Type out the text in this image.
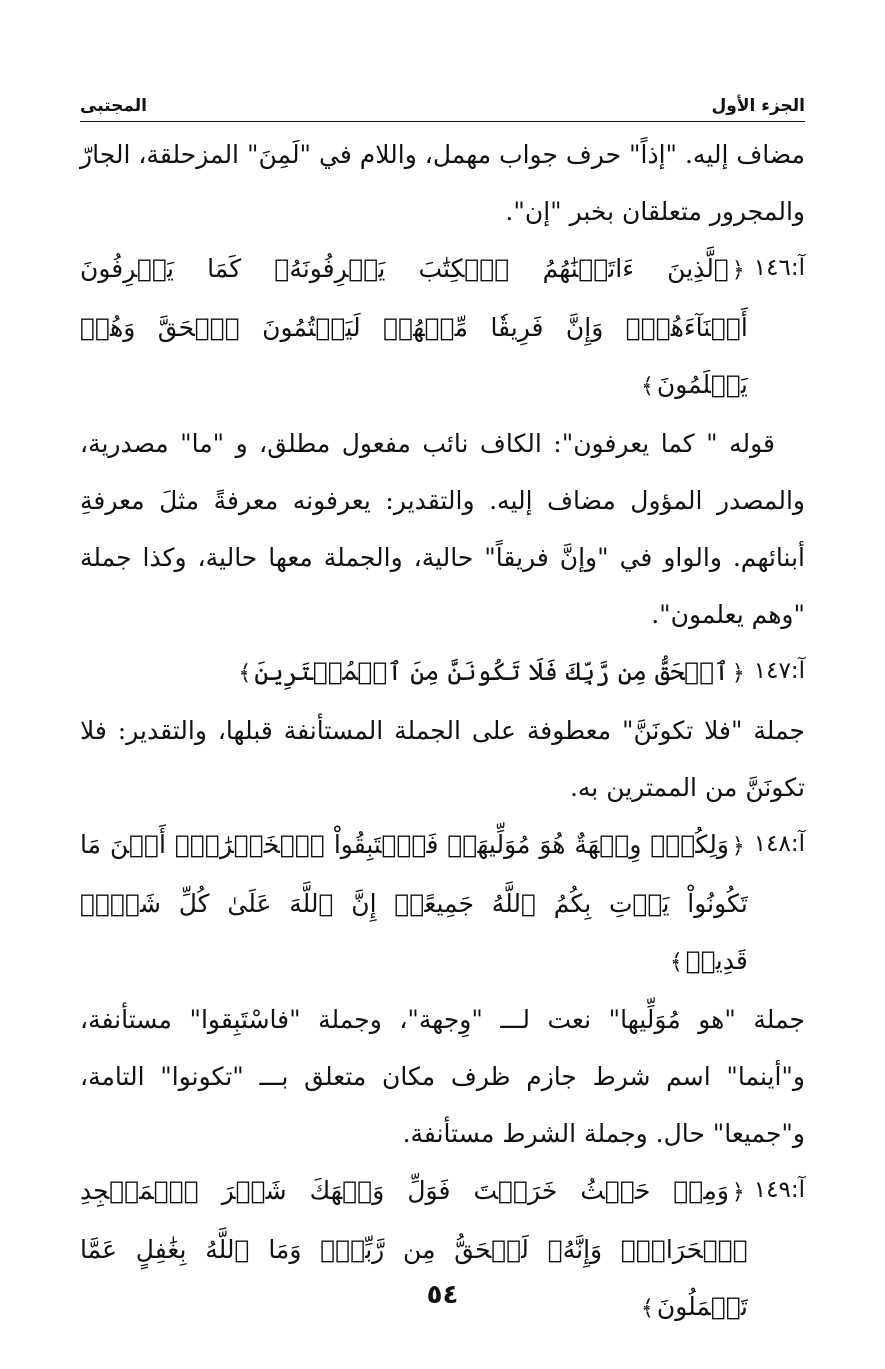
الجزء الأول
المجتبى

مضاف إليه. "إذاً" حرف جواب مهمل، واللام في "لَمِنَ" المزحلقة، الجارّ والمجرور متعلقان بخبر "إن".

آ:١٤٦
﴿ٱلَّذِينَ ءَاتَيۡنَٰهُمُ ٱلۡكِتَٰبَ يَعۡرِفُونَهُۥ كَمَا يَعۡرِفُونَ أَبۡنَآءَهُمۡۖ وَإِنَّ فَرِيقٗا مِّنۡهُمۡ لَيَكۡتُمُونَ ٱلۡحَقَّ وَهُمۡ يَعۡلَمُونَ﴾

قوله " كما يعرفون": الكاف نائب مفعول مطلق، و "ما" مصدرية، والمصدر المؤول مضاف إليه. والتقدير: يعرفونه معرفةً مثلَ معرفةِ أبنائهم. والواو في "وإنَّ فريقاً" حالية، والجملة معها حالية، وكذا جملة "وهم يعلمون".

آ:١٤٧
﴿ٱلۡحَقُّ مِن رَّبِّكَ فَلَا تَكُونَنَّ مِنَ ٱلۡمُمۡتَرِينَ﴾

جملة "فلا تكونَنَّ" معطوفة على الجملة المستأنفة قبلها، والتقدير: فلا تكونَنَّ من الممترين به.

آ:١٤٨
﴿وَلِكُلّٖ وِجۡهَةٌ هُوَ مُوَلِّيهَاۖ فَٱسۡتَبِقُواْ ٱلۡخَيۡرَٰتِۚ أَيۡنَ مَا تَكُونُواْ يَأۡتِ بِكُمُ ٱللَّهُ جَمِيعًاۚ إِنَّ ٱللَّهَ عَلَىٰ كُلِّ شَيۡءٖ قَدِيرٞ﴾

جملة "هو مُوَلِّيها" نعت لـــ "وِجهة"، وجملة "فاسْتَبِقوا" مستأنفة، و"أينما" اسم شرط جازم ظرف مكان متعلق بـــ "تكونوا" التامة، و"جميعا" حال. وجملة الشرط مستأنفة.

آ:١٤٩
﴿وَمِنۡ حَيۡثُ خَرَجۡتَ فَوَلِّ وَجۡهَكَ شَطۡرَ ٱلۡمَسۡجِدِ ٱلۡحَرَامِۖ وَإِنَّهُۥ لَلۡحَقُّ مِن رَّبِّكَۗ وَمَا ٱللَّهُ بِغَٰفِلٍ عَمَّا تَعۡمَلُونَ﴾
٥٤
